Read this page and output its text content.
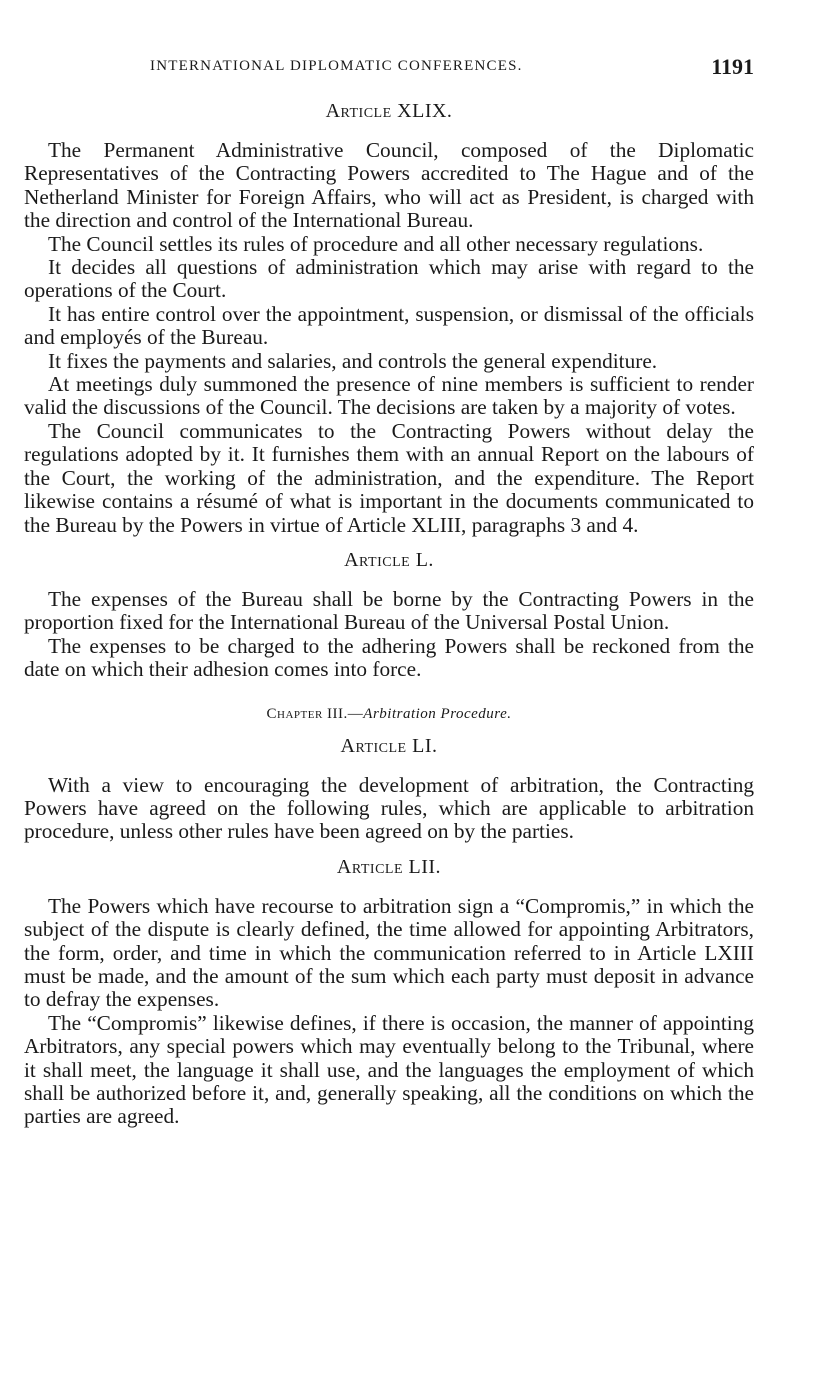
INTERNATIONAL DIPLOMATIC CONFERENCES.	1191
Article XLIX.

The Permanent Administrative Council, composed of the Diplomatic Representatives of the Contracting Powers accredited to The Hague and of the Netherland Minister for Foreign Affairs, who will act as President, is charged with the direction and control of the International Bureau.

The Council settles its rules of procedure and all other necessary regulations.

It decides all questions of administration which may arise with regard to the operations of the Court.

It has entire control over the appointment, suspension, or dismissal of the officials and employés of the Bureau.

It fixes the payments and salaries, and controls the general expenditure.

At meetings duly summoned the presence of nine members is sufficient to render valid the discussions of the Council. The decisions are taken by a majority of votes.

The Council communicates to the Contracting Powers without delay the regulations adopted by it. It furnishes them with an annual Report on the labours of the Court, the working of the administration, and the expenditure. The Report likewise contains a résumé of what is important in the documents communicated to the Bureau by the Powers in virtue of Article XLIII, paragraphs 3 and 4.

Article L.

The expenses of the Bureau shall be borne by the Contracting Powers in the proportion fixed for the International Bureau of the Universal Postal Union.

The expenses to be charged to the adhering Powers shall be reckoned from the date on which their adhesion comes into force.

Chapter III.—Arbitration Procedure.
Article LI.

With a view to encouraging the development of arbitration, the Contracting Powers have agreed on the following rules, which are applicable to arbitration procedure, unless other rules have been agreed on by the parties.

Article LII.

The Powers which have recourse to arbitration sign a “Compromis,” in which the subject of the dispute is clearly defined, the time allowed for appointing Arbitrators, the form, order, and time in which the communication referred to in Article LXIII must be made, and the amount of the sum which each party must deposit in advance to defray the expenses.

The “Compromis” likewise defines, if there is occasion, the manner of appointing Arbitrators, any special powers which may eventually belong to the Tribunal, where it shall meet, the language it shall use, and the languages the employment of which shall be authorized before it, and, generally speaking, all the conditions on which the parties are agreed.
